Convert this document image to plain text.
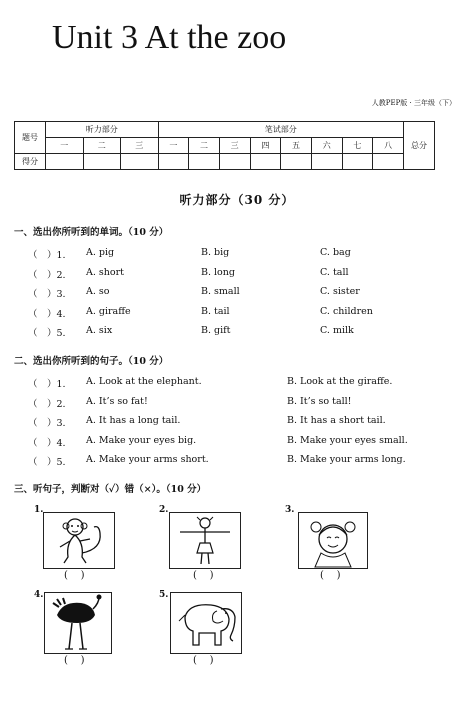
Unit 3 At the zoo
人教PEP版 · 三年级（下）
题号	听力部分			笔试部分								总分
	一	二	三	一	二	三	四	五	六	七	八	
得分												
听力部分（30 分）
一、选出你所听到的单词。（10 分）
（　）1. A. pig	B. big	C. bag
（　）2. A. short	B. long	C. tall
（　）3. A. so	B. small	C. sister
（　）4. A. giraffe	B. tail	C. children
（　）5. A. six	B. gift	C. milk
二、选出你所听到的句子。（10 分）
（　）1. A. Look at the elephant.	B. Look at the giraffe.
（　）2. A. It’s so fat!	B. It’s so tall!
（　）3. A. It has a long tail.	B. It has a short tail.
（　）4. A. Make your eyes big.	B. Make your eyes small.
（　）5. A. Make your arms short.	B. Make your arms long.
三、听句子，判断对（✓）错（×）。（10 分）
1.
(    )
2.
(    )
3.
(    )
4.
(    )
5.
(    )
